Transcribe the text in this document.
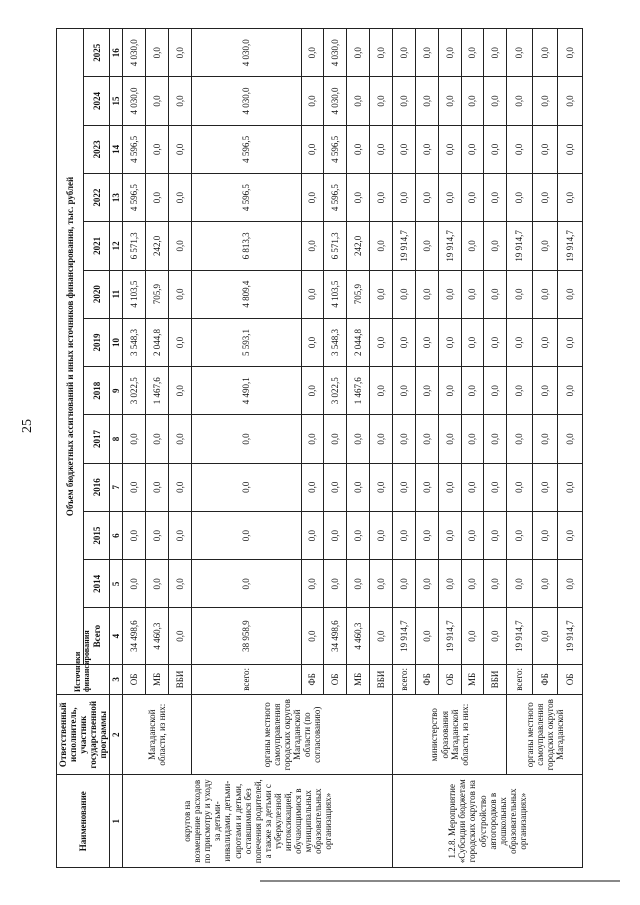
25
Наименование	Ответственный исполнитель, участник государственной программы	Источники финансирования	Объем бюджетных ассигнований и иных источников финансирования, тыс. рублей												
			Всего	2014	2015	2016	2017	2018	2019	2020	2021	2022	2023	2024	2025
1	2	3	4	5	6	7	8	9	10	11	12	13	14	15	16
округов на возмещение расходов по присмотру и уходу за детьми-инвалидами, детьми-сиротами и детьми, оставшимися без попечения родителей, а также за детьми с туберкулезной интоксикацией, обучающимися в муниципальных образовательных организациях»	Магаданской области, из них:	ОБ	34 498,6	0,0	0,0	0,0	0,0	3 022,5	3 548,3	4 103,5	6 571,3	4 596,5	4 596,5	4 030,0	4 030,0
		МБ	4 460,3	0,0	0,0	0,0	0,0	1 467,6	2 044,8	705,9	242,0	0,0	0,0	0,0	0,0
		ВБИ	0,0	0,0	0,0	0,0	0,0	0,0	0,0	0,0	0,0	0,0	0,0	0,0	0,0
	органы местного самоуправления городских округов Магаданской области (по согласованию)	всего:	38 958,9	0,0	0,0	0,0	0,0	4 490,1	5 593,1	4 809,4	6 813,3	4 596,5	4 596,5	4 030,0	4 030,0
		ФБ	0,0	0,0	0,0	0,0	0,0	0,0	0,0	0,0	0,0	0,0	0,0	0,0	0,0
		ОБ	34 498,6	0,0	0,0	0,0	0,0	3 022,5	3 548,3	4 103,5	6 571,3	4 596,5	4 596,5	4 030,0	4 030,0
		МБ	4 460,3	0,0	0,0	0,0	0,0	1 467,6	2 044,8	705,9	242,0	0,0	0,0	0,0	0,0
		ВБИ	0,0	0,0	0,0	0,0	0,0	0,0	0,0	0,0	0,0	0,0	0,0	0,0	0,0
1.2.8. Мероприятие «Субсидии бюджетам городских округов на обустройство автогородков в дошкольных образовательных организациях»	министерство образования Магаданской области, из них:	всего:	19 914,7	0,0	0,0	0,0	0,0	0,0	0,0	0,0	19 914,7	0,0	0,0	0,0	0,0
		ФБ	0,0	0,0	0,0	0,0	0,0	0,0	0,0	0,0	0,0	0,0	0,0	0,0	0,0
		ОБ	19 914,7	0,0	0,0	0,0	0,0	0,0	0,0	0,0	19 914,7	0,0	0,0	0,0	0,0
		МБ	0,0	0,0	0,0	0,0	0,0	0,0	0,0	0,0	0,0	0,0	0,0	0,0	0,0
		ВБИ	0,0	0,0	0,0	0,0	0,0	0,0	0,0	0,0	0,0	0,0	0,0	0,0	0,0
	органы местного самоуправления городских округов Магаданской	всего:	19 914,7	0,0	0,0	0,0	0,0	0,0	0,0	0,0	19 914,7	0,0	0,0	0,0	0,0
		ФБ	0,0	0,0	0,0	0,0	0,0	0,0	0,0	0,0	0,0	0,0	0,0	0,0	0,0
		ОБ	19 914,7	0,0	0,0	0,0	0,0	0,0	0,0	0,0	19 914,7	0,0	0,0	0,0	0,0
